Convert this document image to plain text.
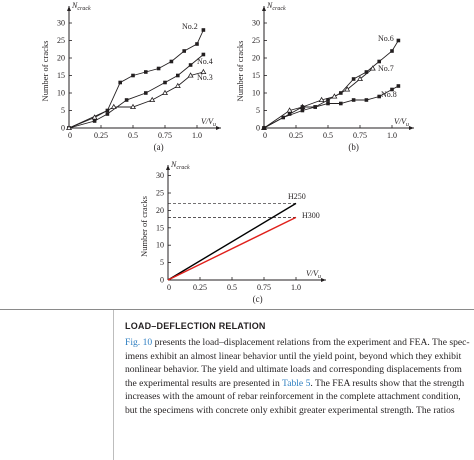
0
5
10
15
20
25
30
0	0.25	0.5	0.75	1.0
$N_{crack}$
Number of cracks
$V/V_u$
(a)
No.2
No.4
No.3
0
5
10
15
20
25
30
0	0.25	0.5	0.75	1.0
$N_{crack}$
Number of cracks
$V/V_u$
(b)
No.6
No.7
No.8
0
5
10
15
20
25
30
0	0.25	0.5	0.75	1.0
$N_{crack}$
Number of cracks
$V/V_u$
(c)
H250
H300
LOAD–DEFLECTION RELATION
Fig. 10 presents the load–displacement relations from the experiment and FEA. The spec-
imens exhibit an almost linear behavior until the yield point, beyond which they exhibit
nonlinear behavior. The yield and ultimate loads and corresponding displacements from
the experimental results are presented in Table 5. The FEA results show that the strength
increases with the amount of rebar reinforcement in the complete attachment condition,
but the specimens with concrete only exhibit greater experimental strength. The ratios
